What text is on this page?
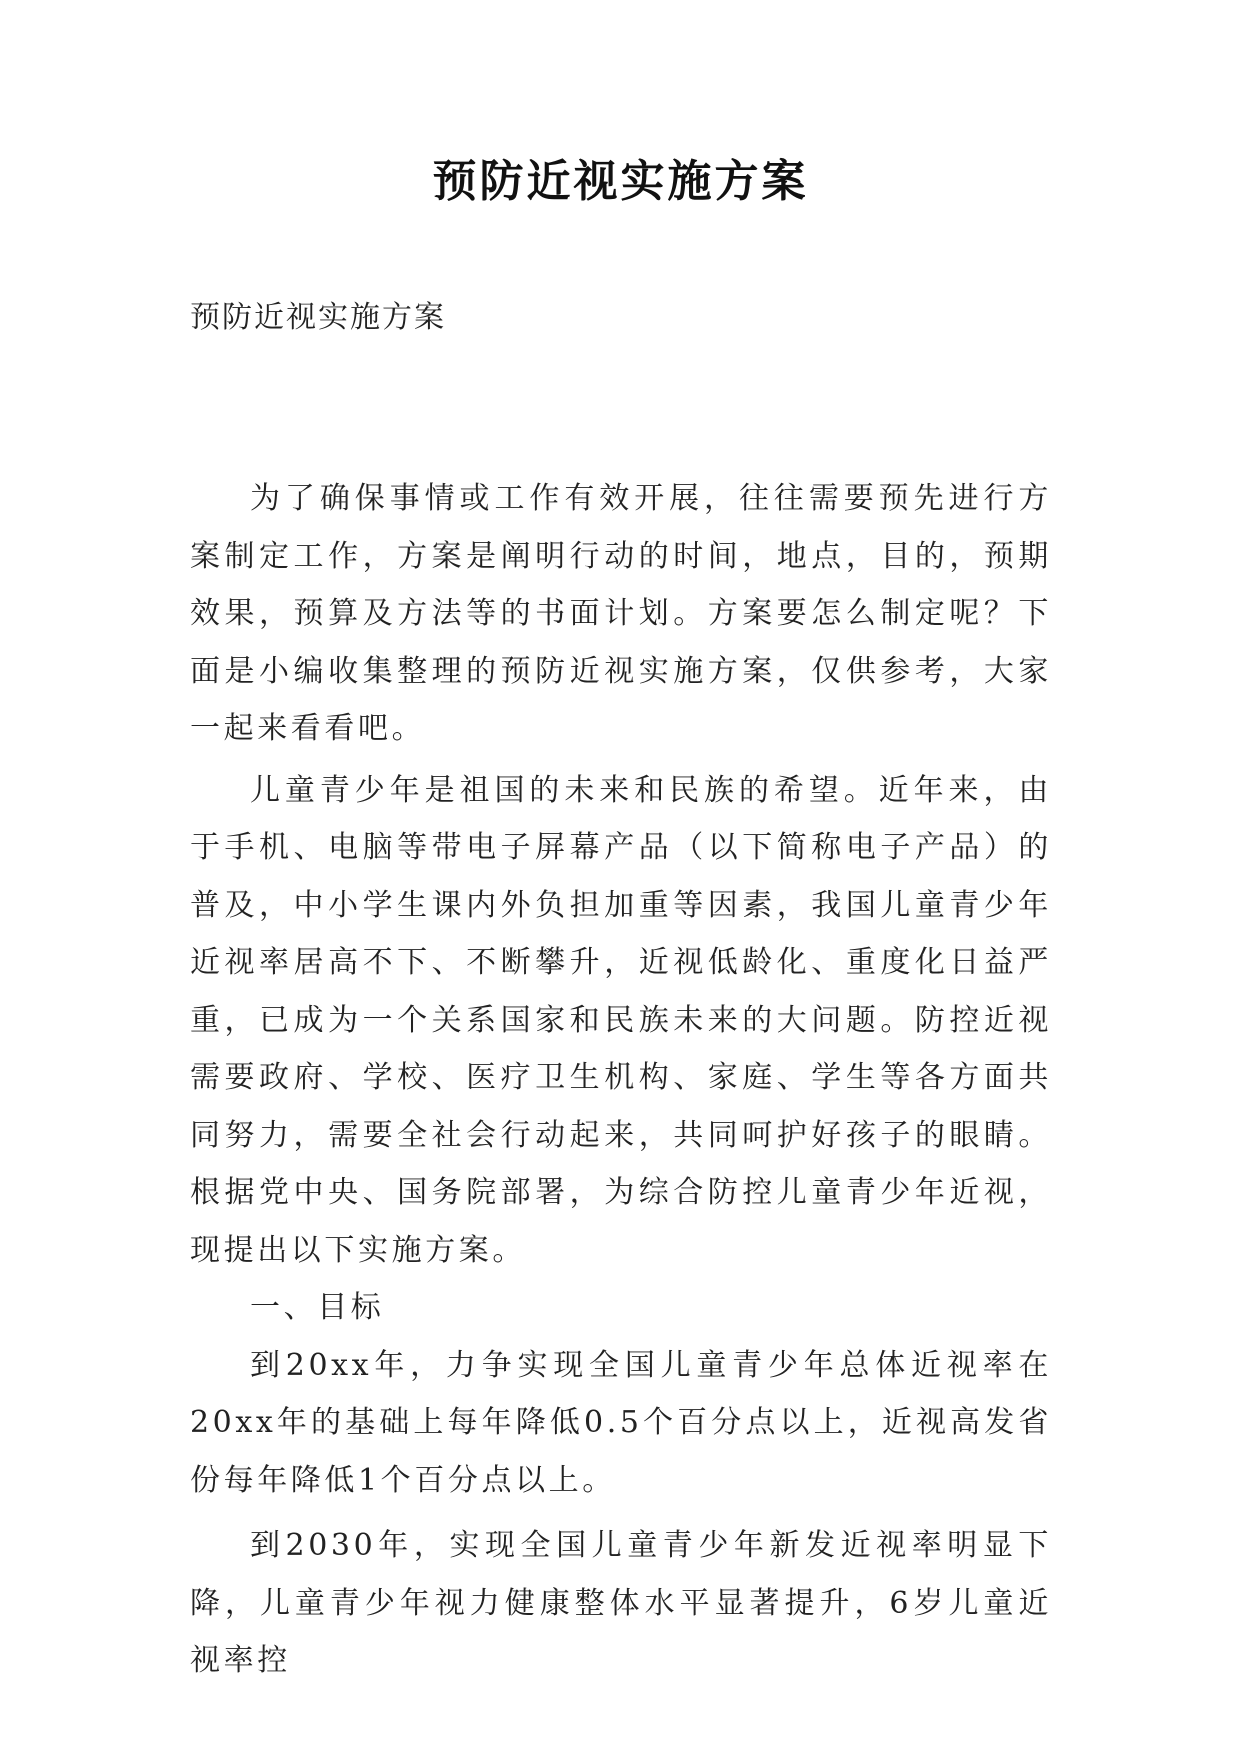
预防近视实施方案
预防近视实施方案

为了确保事情或工作有效开展，往往需要预先进行方案制定工作，方案是阐明行动的时间，地点，目的，预期效果，预算及方法等的书面计划。方案要怎么制定呢？下面是小编收集整理的预防近视实施方案，仅供参考，大家一起来看看吧。

儿童青少年是祖国的未来和民族的希望。近年来，由于手机、电脑等带电子屏幕产品（以下简称电子产品）的普及，中小学生课内外负担加重等因素，我国儿童青少年近视率居高不下、不断攀升，近视低龄化、重度化日益严重，已成为一个关系国家和民族未来的大问题。防控近视需要政府、学校、医疗卫生机构、家庭、学生等各方面共同努力，需要全社会行动起来，共同呵护好孩子的眼睛。根据党中央、国务院部署，为综合防控儿童青少年近视，现提出以下实施方案。

一、目标

到20xx年，力争实现全国儿童青少年总体近视率在20xx年的基础上每年降低0.5个百分点以上，近视高发省份每年降低1个百分点以上。

到2030年，实现全国儿童青少年新发近视率明显下降，儿童青少年视力健康整体水平显著提升，6岁儿童近视率控
